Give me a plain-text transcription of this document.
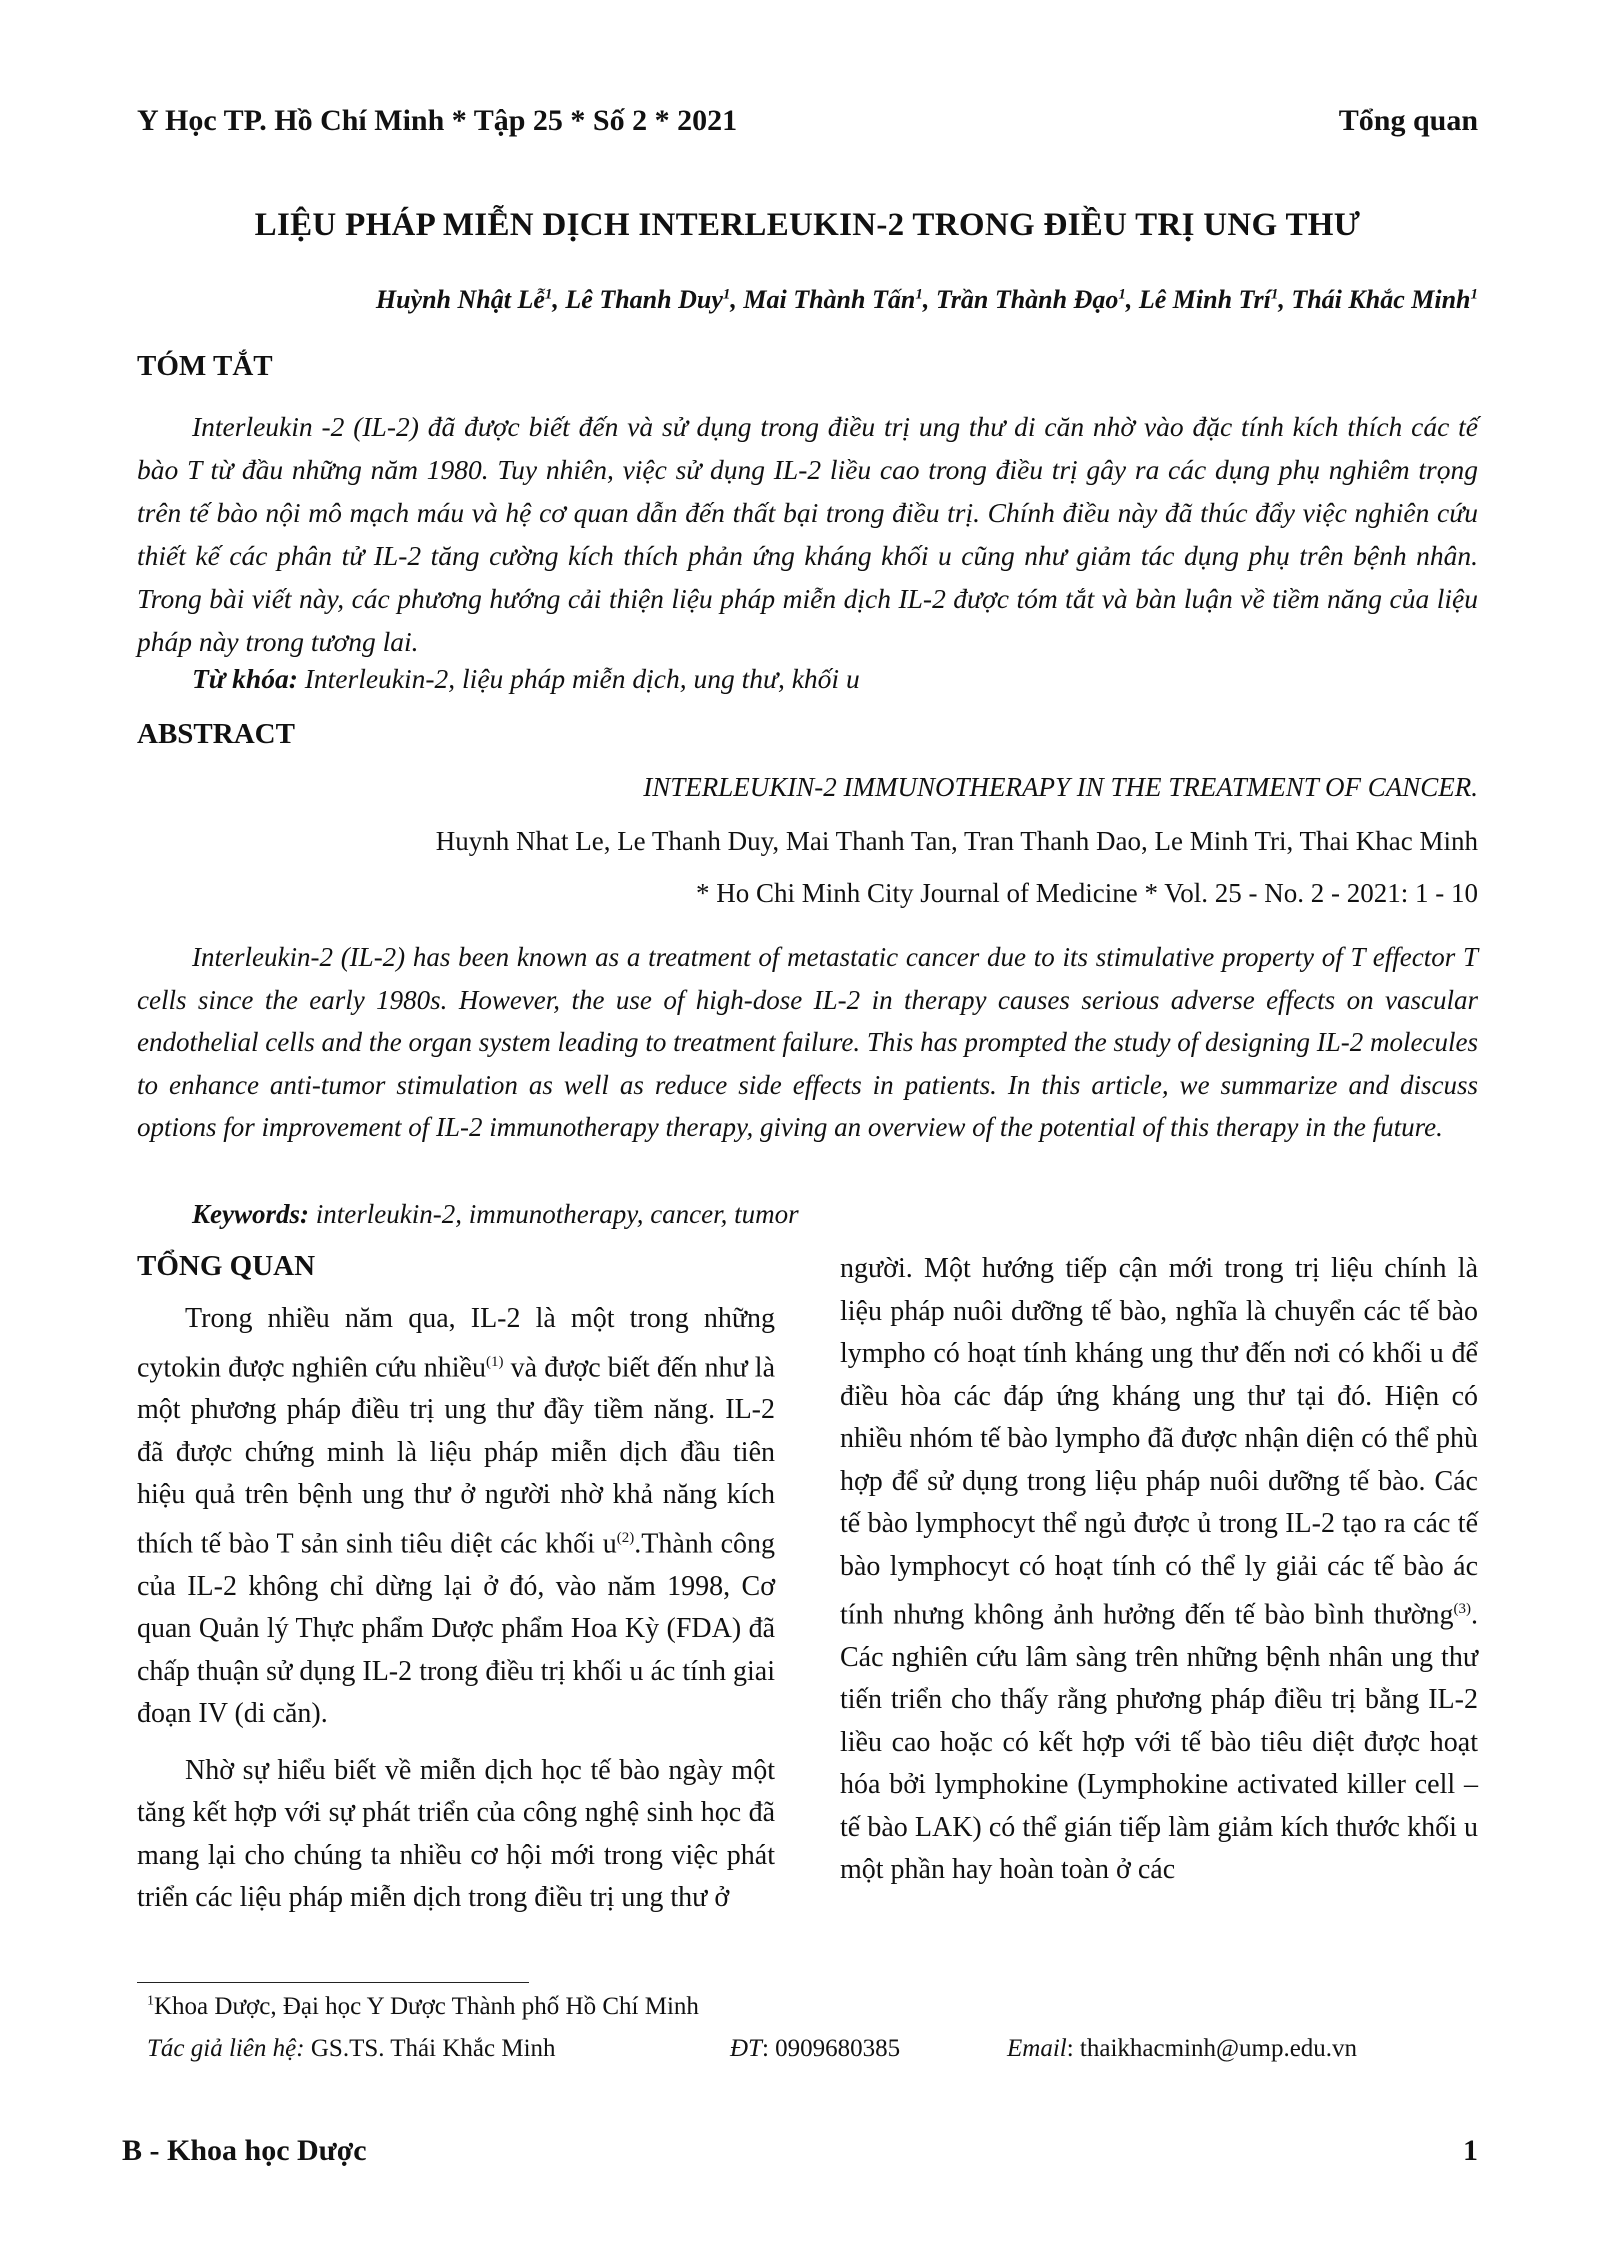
Y Học TP. Hồ Chí Minh * Tập 25 * Số 2 * 2021	Tổng quan
LIỆU PHÁP MIỄN DỊCH INTERLEUKIN-2 TRONG ĐIỀU TRỊ UNG THƯ
Huỳnh Nhật Lễ$^1$, Lê Thanh Duy$^1$, Mai Thành Tấn$^1$, Trần Thành Đạo$^1$, Lê Minh Trí$^1$, Thái Khắc Minh$^1$
TÓM TẮT
Interleukin -2 (IL-2) đã được biết đến và sử dụng trong điều trị ung thư di căn nhờ vào đặc tính kích thích các tế bào T từ đầu những năm 1980. Tuy nhiên, việc sử dụng IL-2 liều cao trong điều trị gây ra các dụng phụ nghiêm trọng trên tế bào nội mô mạch máu và hệ cơ quan dẫn đến thất bại trong điều trị. Chính điều này đã thúc đẩy việc nghiên cứu thiết kế các phân tử IL-2 tăng cường kích thích phản ứng kháng khối u cũng như giảm tác dụng phụ trên bệnh nhân. Trong bài viết này, các phương hướng cải thiện liệu pháp miễn dịch IL-2 được tóm tắt và bàn luận về tiềm năng của liệu pháp này trong tương lai.
Từ khóa: Interleukin-2, liệu pháp miễn dịch, ung thư, khối u
ABSTRACT
INTERLEUKIN-2 IMMUNOTHERAPY IN THE TREATMENT OF CANCER.
Huynh Nhat Le, Le Thanh Duy, Mai Thanh Tan, Tran Thanh Dao, Le Minh Tri, Thai Khac Minh
* Ho Chi Minh City Journal of Medicine * Vol. 25 - No. 2 - 2021: 1 - 10
Interleukin-2 (IL-2) has been known as a treatment of metastatic cancer due to its stimulative property of T effector T cells since the early 1980s. However, the use of high-dose IL-2 in therapy causes serious adverse effects on vascular endothelial cells and the organ system leading to treatment failure. This has prompted the study of designing IL-2 molecules to enhance anti-tumor stimulation as well as reduce side effects in patients. In this article, we summarize and discuss options for improvement of IL-2 immunotherapy therapy, giving an overview of the potential of this therapy in the future.
Keywords: interleukin-2, immunotherapy, cancer, tumor
TỔNG QUAN

Trong nhiều năm qua, IL-2 là một trong những cytokin được nghiên cứu nhiều$^{(1)}$ và được biết đến như là một phương pháp điều trị ung thư đầy tiềm năng. IL-2 đã được chứng minh là liệu pháp miễn dịch đầu tiên hiệu quả trên bệnh ung thư ở người nhờ khả năng kích thích tế bào T sản sinh tiêu diệt các khối $u^{(2)}.Thành$ công của IL-2 không chỉ dừng lại ở đó, vào năm 1998, Cơ quan Quản lý Thực phẩm Dược phẩm Hoa Kỳ (FDA) đã chấp thuận sử dụng IL-2 trong điều trị khối u ác tính giai đoạn IV (di căn).

Nhờ sự hiểu biết về miễn dịch học tế bào ngày một tăng kết hợp với sự phát triển của công nghệ sinh học đã mang lại cho chúng ta nhiều cơ hội mới trong việc phát triển các liệu pháp miễn dịch trong điều trị ung thư ở

người. Một hướng tiếp cận mới trong trị liệu chính là liệu pháp nuôi dưỡng tế bào, nghĩa là chuyển các tế bào lympho có hoạt tính kháng ung thư đến nơi có khối u để điều hòa các đáp ứng kháng ung thư tại đó. Hiện có nhiều nhóm tế bào lympho đã được nhận diện có thể phù hợp để sử dụng trong liệu pháp nuôi dưỡng tế bào. Các tế bào lymphocyt thể ngủ được ủ trong IL-2 tạo ra các tế bào lymphocyt có hoạt tính có thể ly giải các tế bào ác tính nhưng không ảnh hưởng đến tế bào bình thường$^{(3)}$. Các nghiên cứu lâm sàng trên những bệnh nhân ung thư tiến triển cho thấy rằng phương pháp điều trị bằng IL-2 liều cao hoặc có kết hợp với tế bào tiêu diệt được hoạt hóa bởi lymphokine (Lymphokine activated killer cell – tế bào LAK) có thể gián tiếp làm giảm kích thước khối u một phần hay hoàn toàn ở các

$^1$Khoa Dược, Đại học Y Dược Thành phố Hồ Chí Minh
Tác giả liên hệ: GS.TS. Thái Khắc Minh	ĐT: 0909680385	Email: thaikhacminh@ump.edu.vn
B - Khoa học Dược	1
